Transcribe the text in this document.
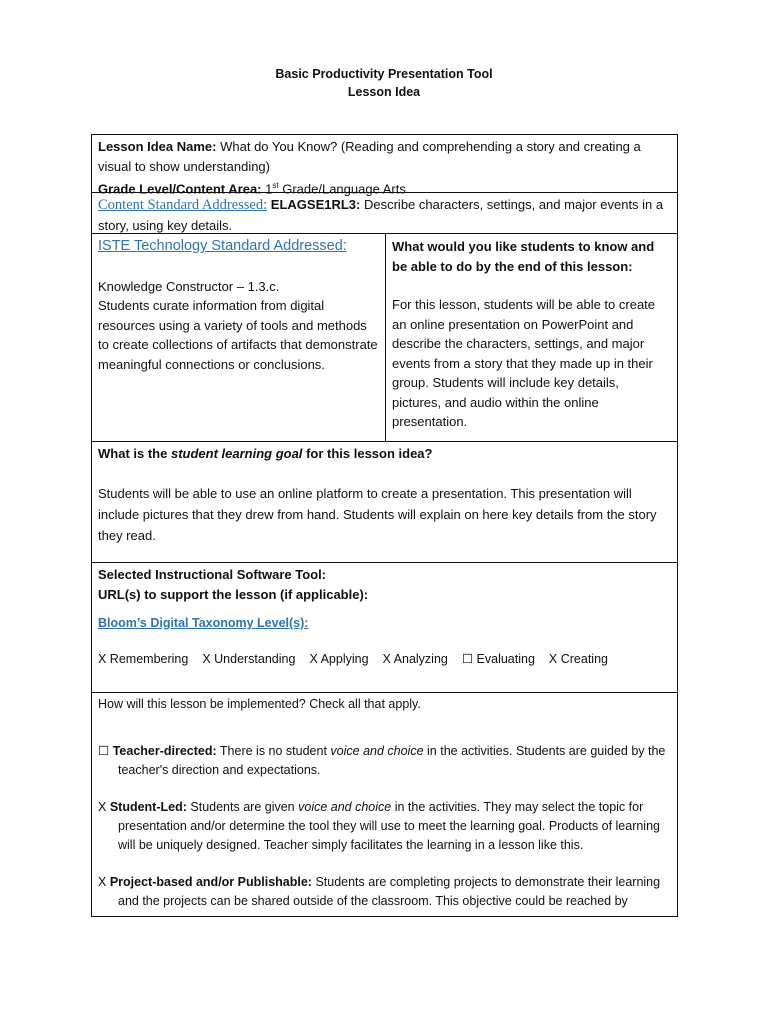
Basic Productivity Presentation Tool
Lesson Idea
Lesson Idea Name: What do You Know? (Reading and comprehending a story and creating a visual to show understanding)
Grade Level/Content Area: 1st Grade/Language Arts
Content Standard Addressed: ELAGSE1RL3: Describe characters, settings, and major events in a story, using key details.
ISTE Technology Standard Addressed:
Knowledge Constructor – 1.3.c.
Students curate information from digital resources using a variety of tools and methods to create collections of artifacts that demonstrate meaningful connections or conclusions.
What would you like students to know and be able to do by the end of this lesson:
For this lesson, students will be able to create an online presentation on PowerPoint and describe the characters, settings, and major events from a story that they made up in their group. Students will include key details, pictures, and audio within the online presentation.
What is the student learning goal for this lesson idea?
Students will be able to use an online platform to create a presentation. This presentation will include pictures that they drew from hand. Students will explain on here key details from the story they read.
Selected Instructional Software Tool:
URL(s) to support the lesson (if applicable):
Bloom’s Digital Taxonomy Level(s):
X Remembering X Understanding X Applying X Analyzing ☐ Evaluating X Creating

How will this lesson be implemented? Check all that apply.

☐ Teacher-directed: There is no student voice and choice in the activities. Students are guided by the teacher's direction and expectations.

X Student-Led: Students are given voice and choice in the activities. They may select the topic for presentation and/or determine the tool they will use to meet the learning goal. Products of learning will be uniquely designed. Teacher simply facilitates the learning in a lesson like this.

X Project-based and/or Publishable: Students are completing projects to demonstrate their learning and the projects can be shared outside of the classroom. This objective could be reached by
